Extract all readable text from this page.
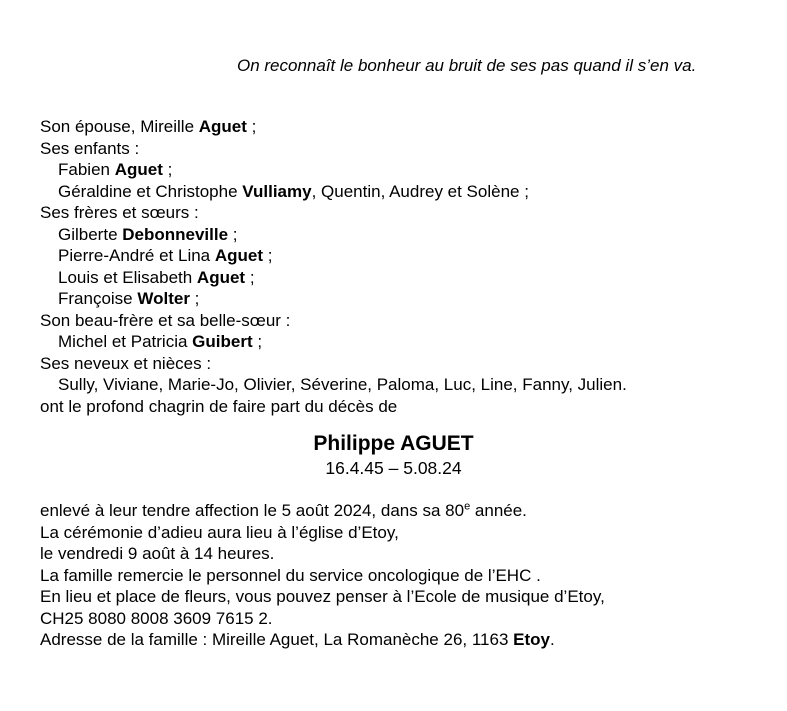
On reconnaît le bonheur au bruit de ses pas quand il s’en va.
Son épouse, Mireille Aguet ;
Ses enfants :
Fabien Aguet ;
Géraldine et Christophe Vulliamy, Quentin, Audrey et Solène ;
Ses frères et sœurs :
Gilberte Debonneville ;
Pierre-André et Lina Aguet ;
Louis et Elisabeth Aguet ;
Françoise Wolter ;
Son beau-frère et sa belle-sœur :
Michel et Patricia Guibert ;
Ses neveux et nièces :
Sully, Viviane, Marie-Jo, Olivier, Séverine, Paloma, Luc, Line, Fanny, Julien.
ont le profond chagrin de faire part du décès de
Philippe AGUET
16.4.45 – 5.08.24
enlevé à leur tendre affection le 5 août 2024, dans sa 80e année.
La cérémonie d’adieu aura lieu à l’église d’Etoy,
le vendredi 9 août à 14 heures.
La famille remercie le personnel du service oncologique de l’EHC .
En lieu et place de fleurs, vous pouvez penser à l’Ecole de musique d’Etoy,
CH25 8080 8008 3609 7615 2.
Adresse de la famille : Mireille Aguet, La Romanèche 26, 1163 Etoy.
